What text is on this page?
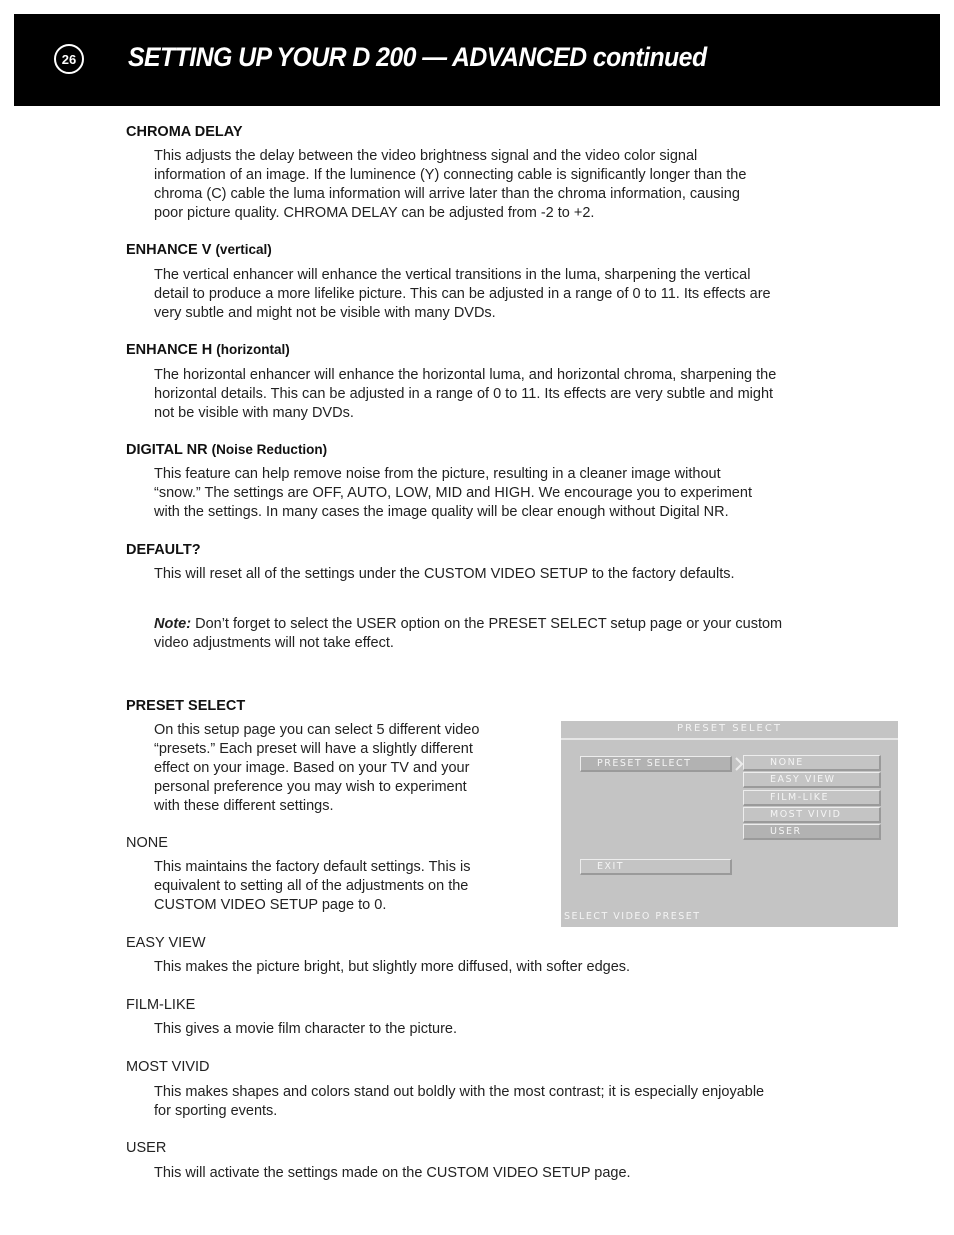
26 SETTING UP YOUR D 200 — ADVANCED continued
CHROMA DELAY
This adjusts the delay between the video brightness signal and the video color signal
information of an image. If the luminence (Y) connecting cable is significantly longer than the
chroma (C) cable the luma information will arrive later than the chroma information, causing
poor picture quality. CHROMA DELAY can be adjusted from -2 to +2.
ENHANCE V (vertical)
The vertical enhancer will enhance the vertical transitions in the luma, sharpening the vertical
detail to produce a more lifelike picture. This can be adjusted in a range of 0 to 11. Its effects are
very subtle and might not be visible with many DVDs.
ENHANCE H (horizontal)
The horizontal enhancer will enhance the horizontal luma, and horizontal chroma, sharpening the
horizontal details. This can be adjusted in a range of 0 to 11. Its effects are very subtle and might
not be visible with many DVDs.
DIGITAL NR (Noise Reduction)
This feature can help remove noise from the picture, resulting in a cleaner image without
“snow.” The settings are OFF, AUTO, LOW, MID and HIGH. We encourage you to experiment
with the settings. In many cases the image quality will be clear enough without Digital NR.
DEFAULT?
This will reset all of the settings under the CUSTOM VIDEO SETUP to the factory defaults.
Note: Don’t forget to select the USER option on the PRESET SELECT setup page or your custom
video adjustments will not take effect.
PRESET SELECT
On this setup page you can select 5 different video
“presets.” Each preset will have a slightly different
effect on your image. Based on your TV and your
personal preference you may wish to experiment
with these different settings.
NONE
This maintains the factory default settings. This is
equivalent to setting all of the adjustments on the
CUSTOM VIDEO SETUP page to 0.
EASY VIEW
This makes the picture bright, but slightly more diffused, with softer edges.
FILM-LIKE
This gives a movie film character to the picture.
MOST VIVID
This makes shapes and colors stand out boldly with the most contrast; it is especially enjoyable
for sporting events.
USER
This will activate the settings made on the CUSTOM VIDEO SETUP page.
PRESET SELECT
PRESET SELECT	NONE
EASY VIEW
FILM-LIKE
MOST VIVID
USER
EXIT
SELECT VIDEO PRESET
